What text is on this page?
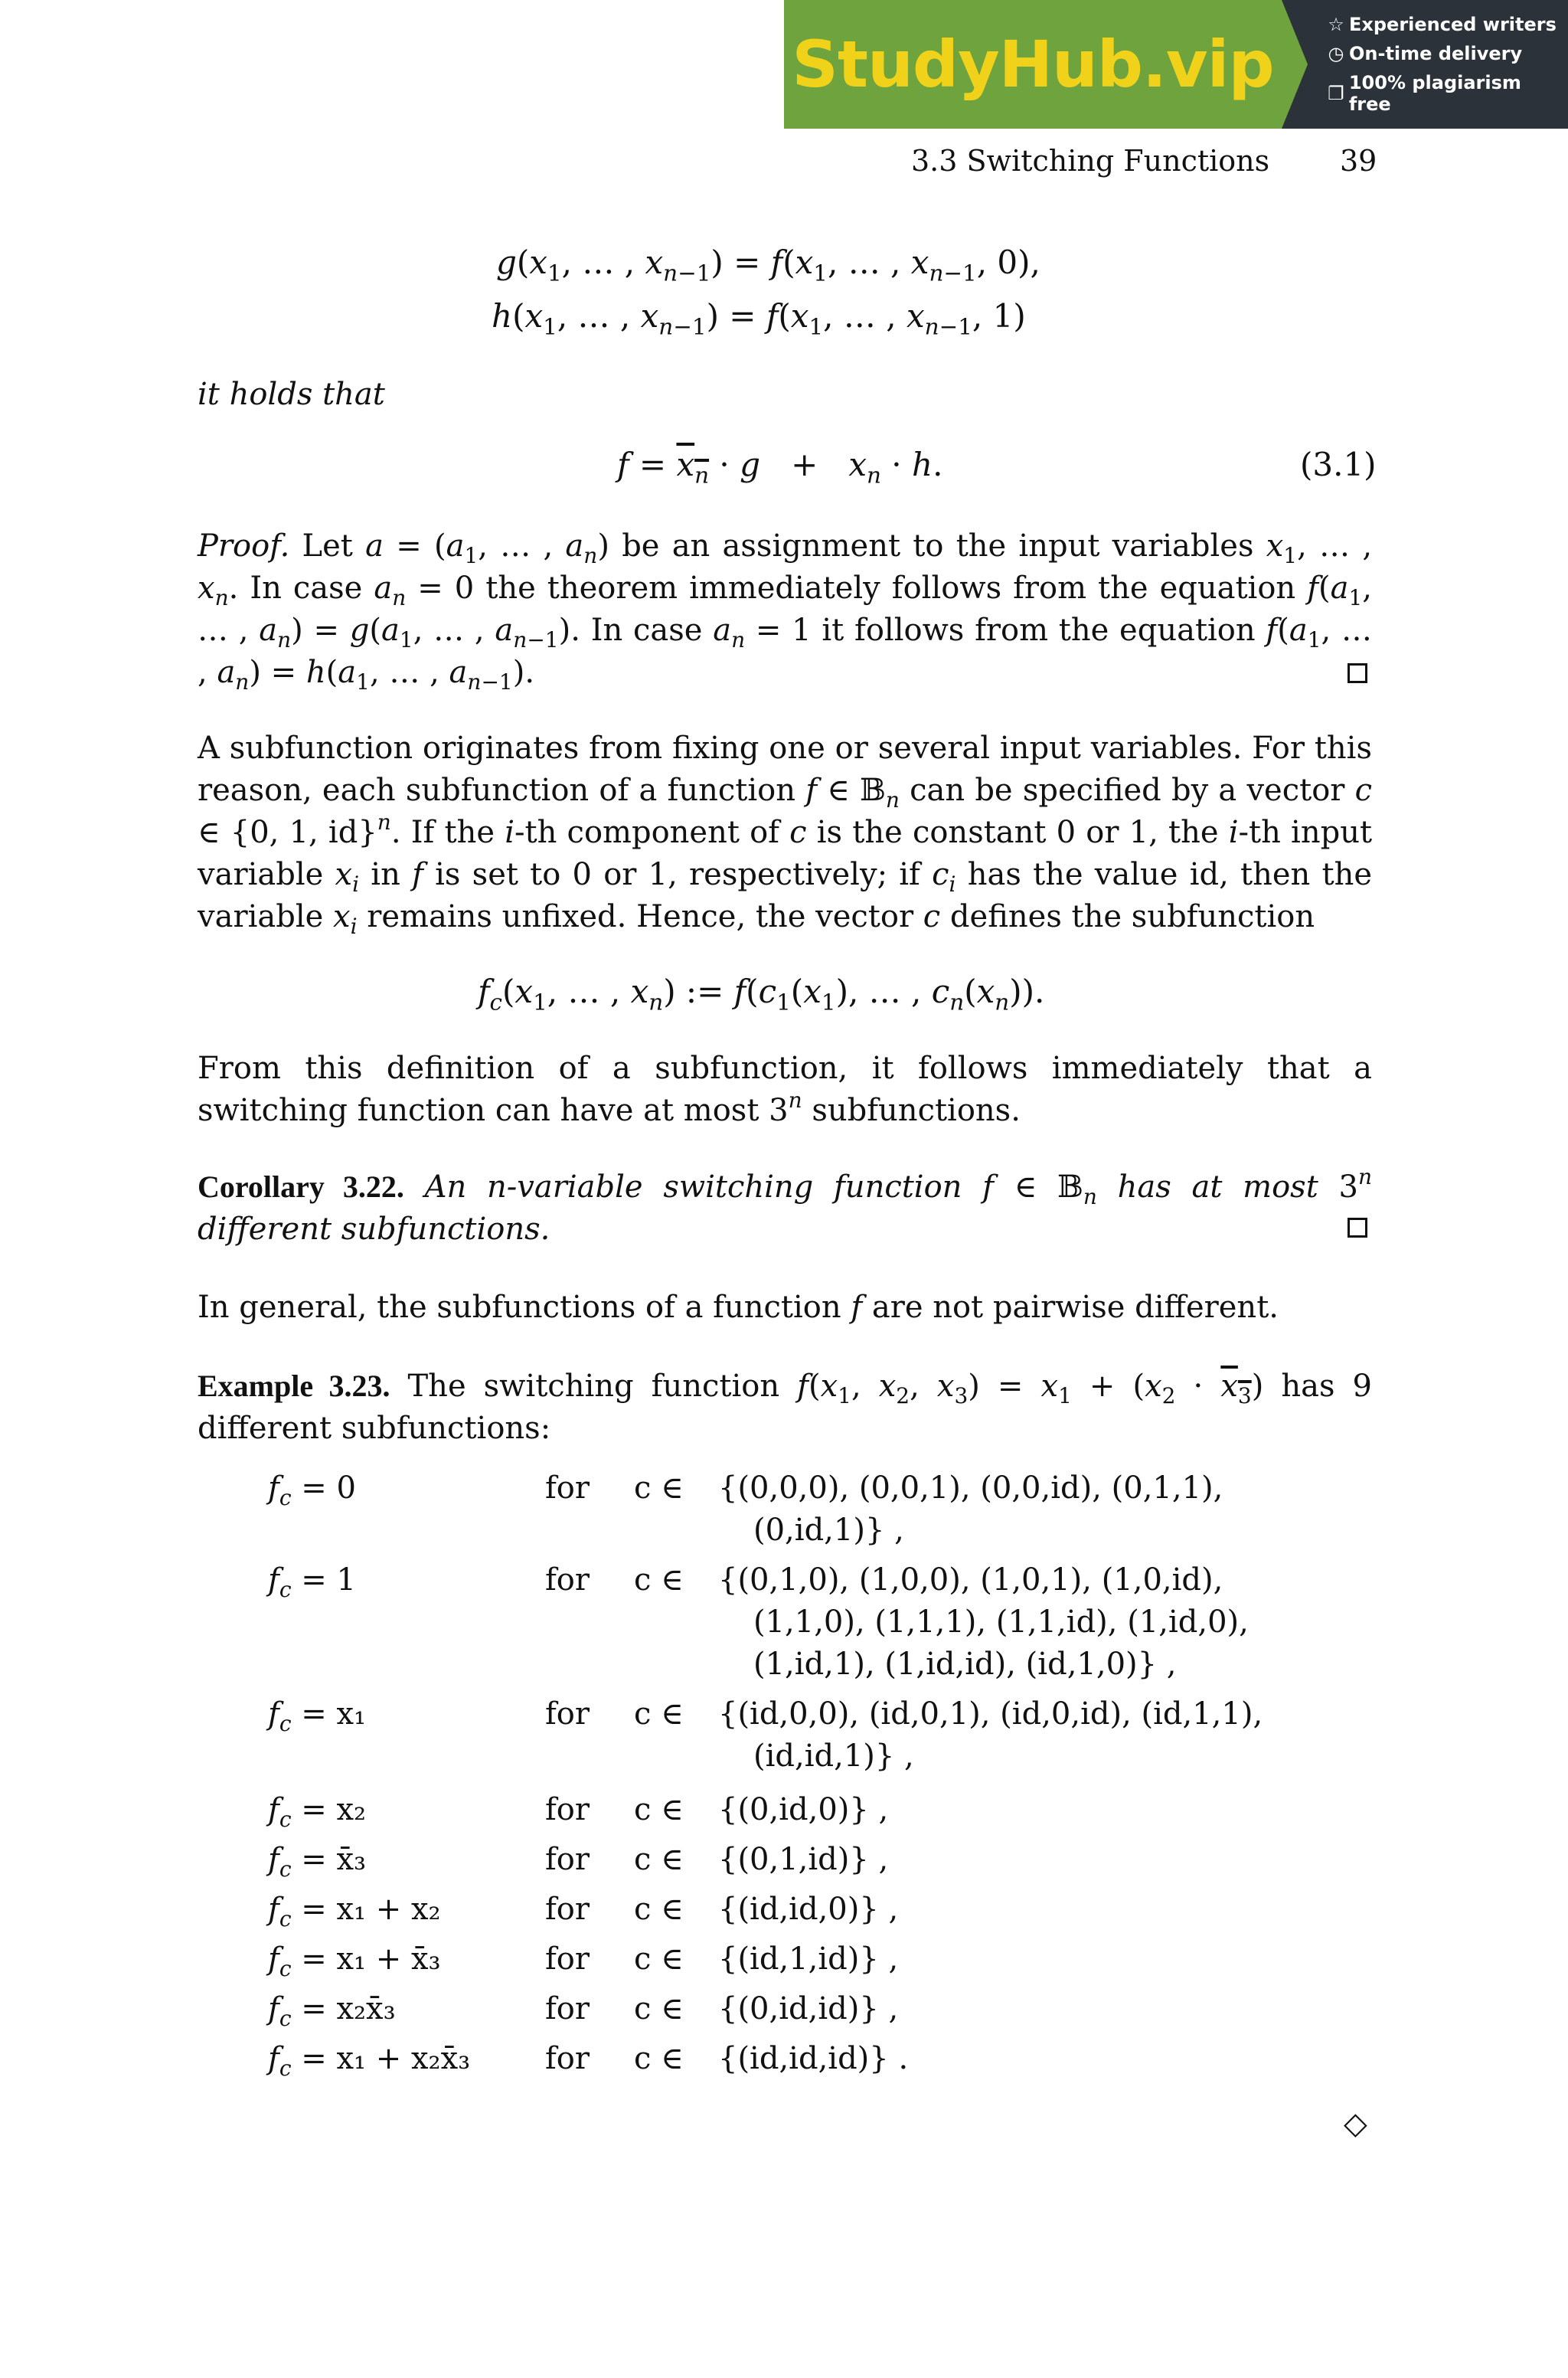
StudyHub.vip
☆ Experienced writers
◷ On-time delivery
❐ 100% plagiarism free
3.3 Switching Functions 39
$g(x_1$, … , $x_{n-1}) = f(x_1$, … , $x_{n-1}$, 0),
$h(x_1$, … , $x_{n-1}) = f(x_1$, … , $x_{n-1}$, 1)
it holds that
$f = x_n \cdot g + x_n \cdot h$.	(3.1)
Proof. Let $a = (a_1$, … , $a_n$) be an assignment to the input variables $x_1$, … , $x_n$. In case $a_n = 0$ the theorem immediately follows from the equation $f(a_1$, … , $a_n) = g(a_1$, … , $a_{n-1}$). In case $a_n = 1$ it follows from the equation $f(a_1$, … , $a_n) = h(a_1$, … , $a_{n-1}$).
A subfunction originates from fixing one or several input variables. For this reason, each subfunction of a function f ∈ 𝔹$_n$ can be specified by a vector c ∈ {0, 1, id}$^n$. If the i-th component of c is the constant 0 or 1, the i-th input variable $x_i$ in f is set to 0 or 1, respectively; if $c_i$ has the value id, then the variable $x_i$ remains unfixed. Hence, the vector c defines the subfunction
$f_c(x_1$, … , $x_n$) := $f(c_1(x_1)$, … , $c_n(x_n)$).
From this definition of a subfunction, it follows immediately that a switching function can have at most 3$^n$ subfunctions.
Corollary 3.22. An n-variable switching function f ∈ 𝔹$_n$ has at most 3$^n$ different subfunctions.
In general, the subfunctions of a function f are not pairwise different.
Example 3.23. The switching function $f(x_1$, $x_2$, $x_3) = x_1 + (x_2 \cdot x_3)$ has 9 different subfunctions:
$f_c = 0$	for c ∈ {(0,0,0), (0,0,1), (0,0,id), (0,1,1),
(0,id,1)} ,
$f_c = 1$	for c ∈ {(0,1,0), (1,0,0), (1,0,1), (1,0,id),
(1,1,0), (1,1,1), (1,1,id), (1,id,0),
(1,id,1), (1,id,id), (id,1,0)} ,
$f_c = x_1$	for c ∈ {(id,0,0), (id,0,1), (id,0,id), (id,1,1),
(id,id,1)} ,
$f_c = x_2$	for c ∈ {(0,id,0)} ,
$f_c$ = x̄₃	for c ∈ {(0,1,id)} ,
$f_c = x_1 + x_2$	for c ∈ {(id,id,0)} ,
$f_c = x_1$ + x̄₃	for c ∈ {(id,1,id)} ,
$f_c$ = x₂x̄₃	for c ∈ {(0,id,id)} ,
$f_c = x_1$ + x₂x̄₃ for c ∈ {(id,id,id)} .
◇
